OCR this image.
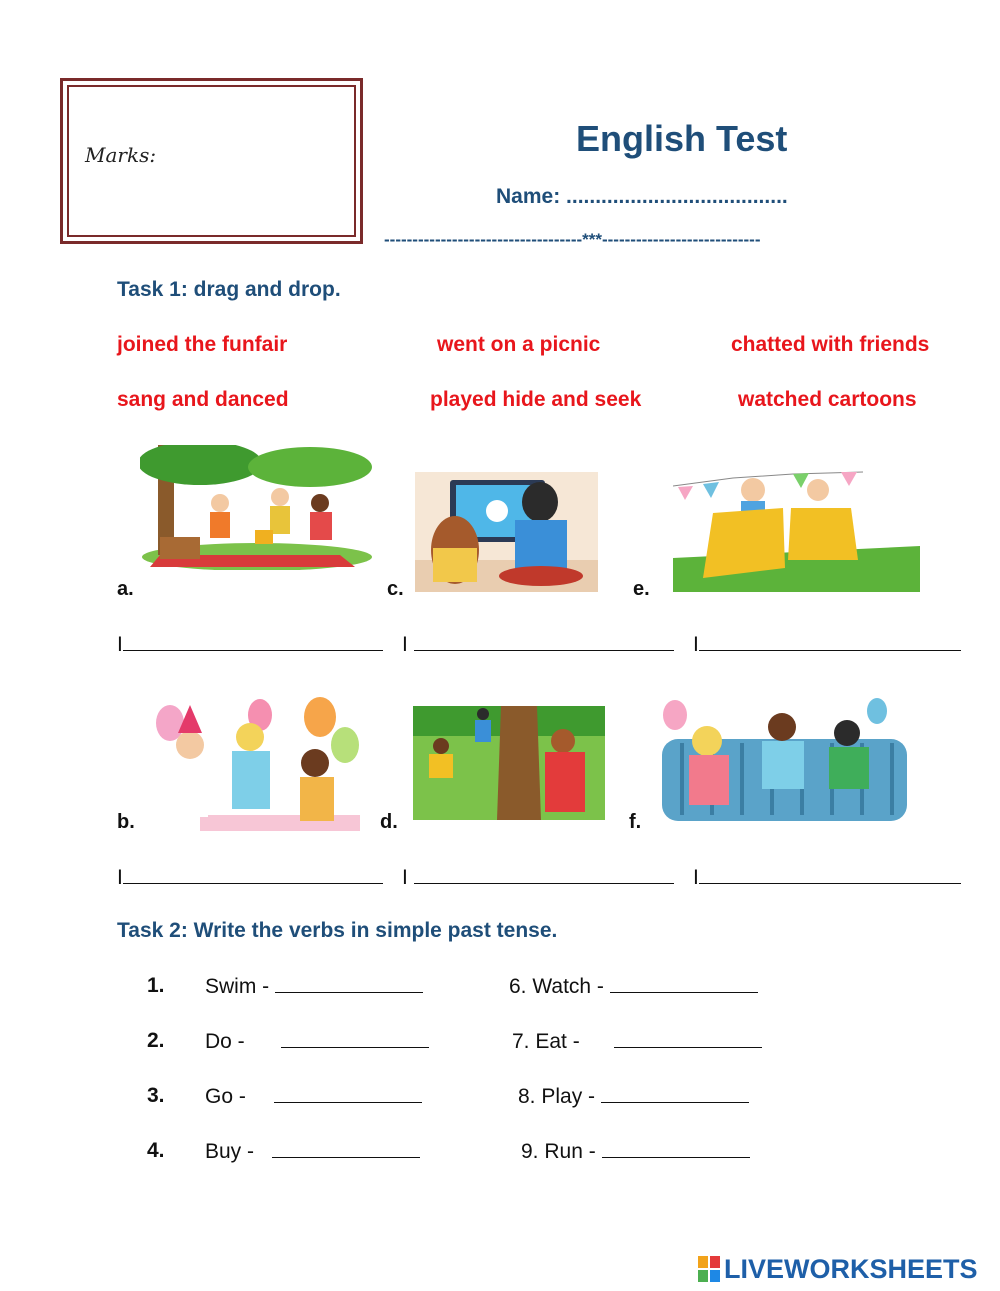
Marks:	English Test
Name: ......................................
-----------------------------------***----------------------------
Task 1: drag and drop.
joined the funfair	went on a picnic	chatted with friends
sang and danced	played hide and seek	watched cartoons
a.	c.	e.
I	I	I
b.	d.	f.
I	I	I
Task 2: Write the verbs in simple past tense.
1. Swim -	6. Watch -
2. Do -	7. Eat -
3. Go -	8. Play -
4. Buy -	9. Run -
LIVEWORKSHEETS
